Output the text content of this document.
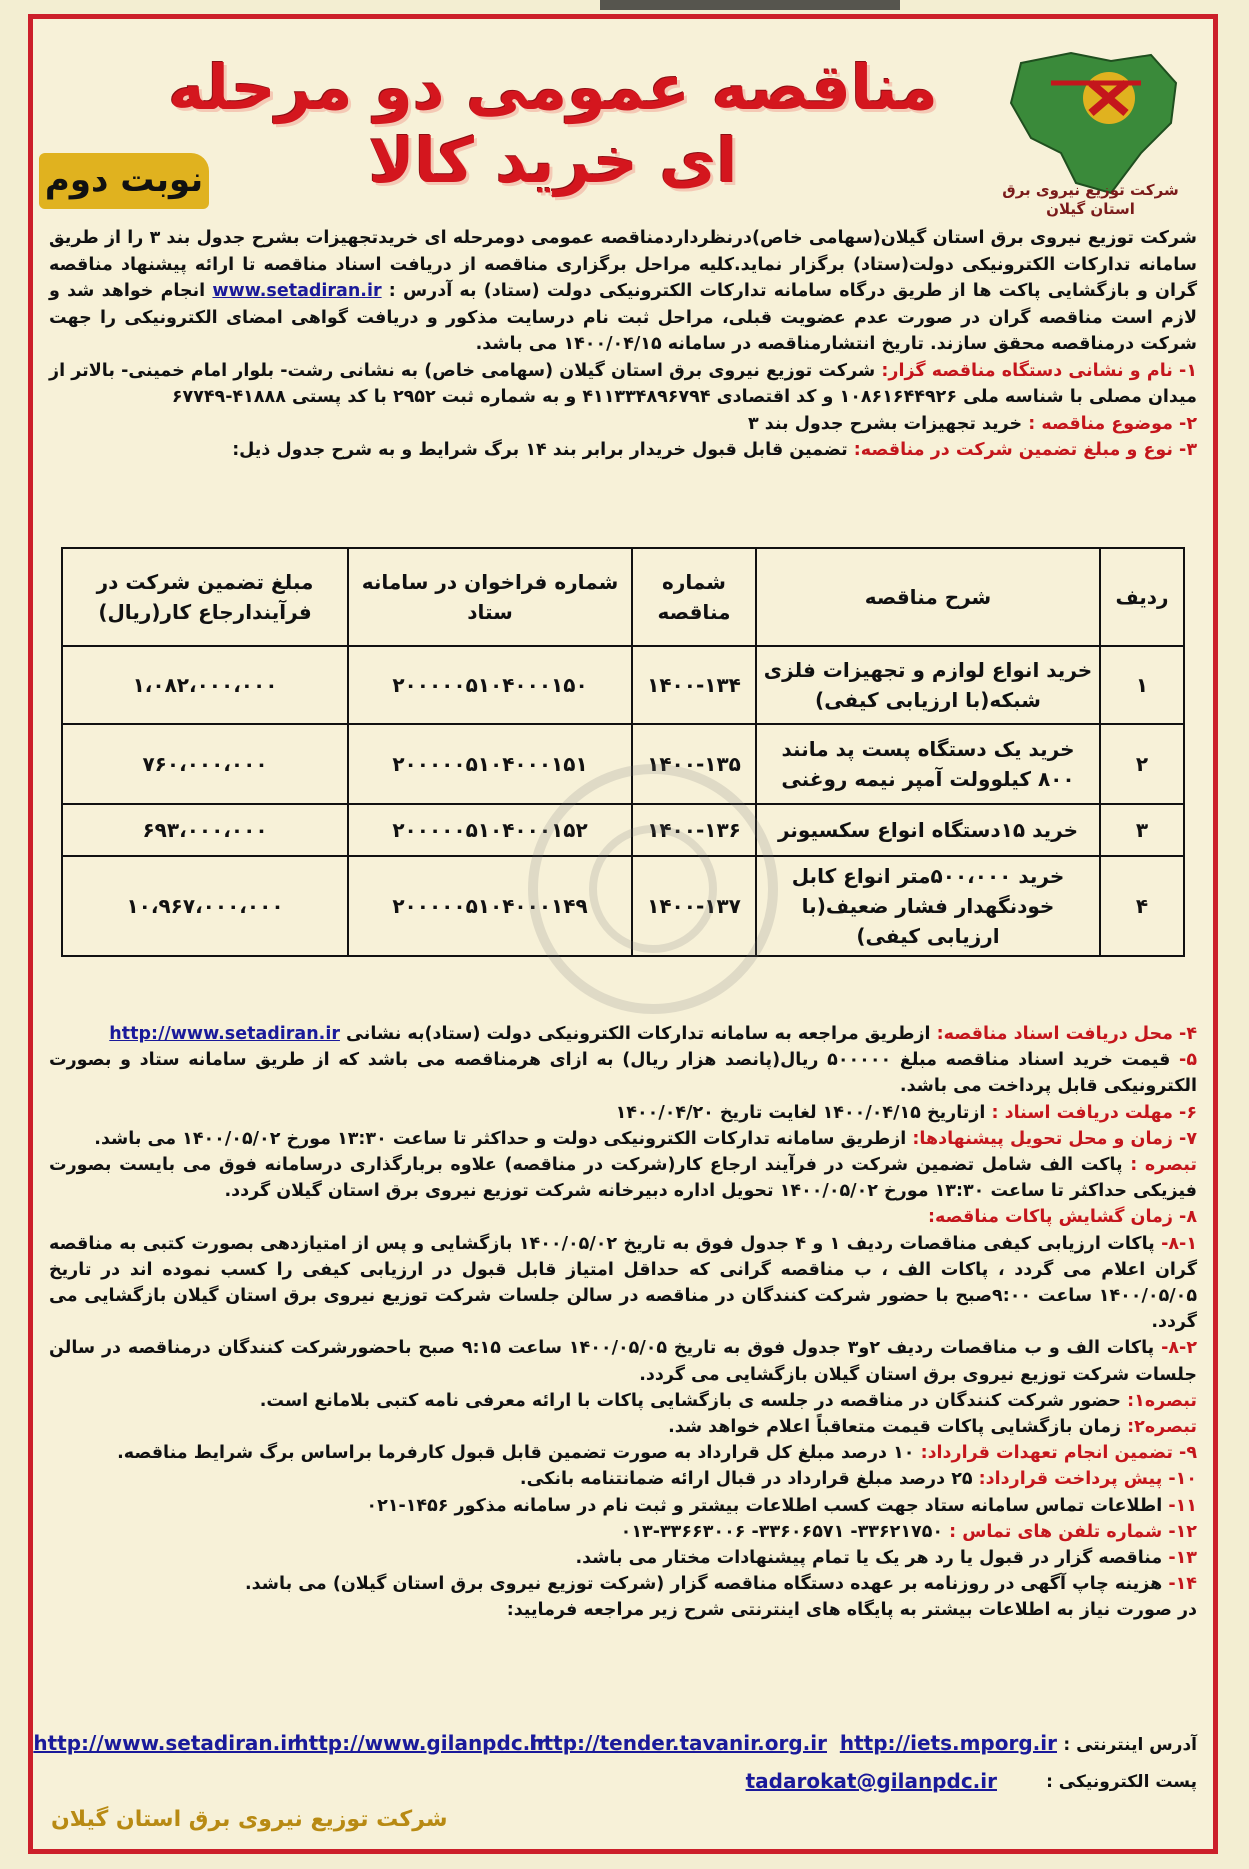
مناقصه عمومی دو مرحله ای خرید کالا	شرکت توزیع نیروی برق استان گیلان
نوبت دوم

شرکت توزیع نیروی برق استان گیلان(سهامی خاص)درنظرداردمناقصه عمومی دومرحله ای خریدتجهیزات بشرح جدول بند ۳ را از طریق سامانه تدارکات الکترونیکی دولت(ستاد) برگزار نماید.کلیه مراحل برگزاری مناقصه از دریافت اسناد مناقصه تا ارائه پیشنهاد مناقصه گران و بازگشایی پاکت ها از طریق درگاه سامانه تدارکات الکترونیکی دولت (ستاد) به آدرس : www.setadiran.ir انجام خواهد شد و لازم است مناقصه گران در صورت عدم عضویت قبلی، مراحل ثبت نام درسایت مذکور و دریافت گواهی امضای الکترونیکی را جهت شرکت درمناقصه محقق سازند. تاریخ انتشارمناقصه در سامانه ۱۴۰۰/۰۴/۱۵ می باشد.

۱- نام و نشانی دستگاه مناقصه گزار: شرکت توزیع نیروی برق استان گیلان (سهامی خاص) به نشانی رشت- بلوار امام خمینی- بالاتر از میدان مصلی با شناسه ملی ۱۰۸۶۱۶۴۴۹۲۶ و کد اقتصادی ۴۱۱۳۳۴۸۹۶۷۹۴ و به شماره ثبت ۲۹۵۲ با کد پستی ۴۱۸۸۸-۶۷۷۴۹

۲- موضوع مناقصه : خرید تجهیزات بشرح جدول بند ۳

۳- نوع و مبلغ تضمین شرکت در مناقصه: تضمین قابل قبول خریدار برابر بند ۱۴ برگ شرایط و به شرح جدول ذیل:

ردیف	شرح مناقصه	شماره مناقصه	شماره فراخوان در سامانه ستاد	مبلغ تضمین شرکت در فرآیندارجاع کار(ریال)
۱	خرید انواع لوازم و تجهیزات فلزی شبکه(با ارزیابی کیفی)	۱۴۰۰-۱۳۴	۲۰۰۰۰۰۵۱۰۴۰۰۰۱۵۰	۱،۰۸۲،۰۰۰،۰۰۰
۲	خرید یک دستگاه پست پد مانند ۸۰۰ کیلوولت آمپر نیمه روغنی	۱۴۰۰-۱۳۵	۲۰۰۰۰۰۵۱۰۴۰۰۰۱۵۱	۷۶۰،۰۰۰،۰۰۰
۳	خرید ۱۵دستگاه انواع سکسیونر	۱۴۰۰-۱۳۶	۲۰۰۰۰۰۵۱۰۴۰۰۰۱۵۲	۶۹۳،۰۰۰،۰۰۰
۴	خرید ۵۰۰،۰۰۰متر انواع کابل خودنگهدار فشار ضعیف(با ارزیابی کیفی)	۱۴۰۰-۱۳۷	۲۰۰۰۰۰۵۱۰۴۰۰۰۱۴۹	۱۰،۹۶۷،۰۰۰،۰۰۰

۴- محل دریافت اسناد مناقصه: ازطریق مراجعه به سامانه تدارکات الکترونیکی دولت (ستاد)به نشانی http://www.setadiran.ir

۵- قیمت خرید اسناد مناقصه مبلغ ۵۰۰۰۰۰ ریال(پانصد هزار ریال) به ازای هرمناقصه می باشد که از طریق سامانه ستاد و بصورت الکترونیکی قابل پرداخت می باشد.

۶- مهلت دریافت اسناد : ازتاریخ ۱۴۰۰/۰۴/۱۵ لغایت تاریخ ۱۴۰۰/۰۴/۲۰

۷- زمان و محل تحویل پیشنهادها: ازطریق سامانه تدارکات الکترونیکی دولت و حداکثر تا ساعت ۱۳:۳۰ مورخ ۱۴۰۰/۰۵/۰۲ می باشد.

تبصره : پاکت الف شامل تضمین شرکت در فرآیند ارجاع کار(شرکت در مناقصه) علاوه بربارگذاری درسامانه فوق می بایست بصورت فیزیکی حداکثر تا ساعت ۱۳:۳۰ مورخ ۱۴۰۰/۰۵/۰۲ تحویل اداره دبیرخانه شرکت توزیع نیروی برق استان گیلان گردد.

۸- زمان گشایش پاکات مناقصه:

۸-۱- پاکات ارزیابی کیفی مناقصات ردیف ۱ و ۴ جدول فوق به تاریخ ۱۴۰۰/۰۵/۰۲ بازگشایی و پس از امتیازدهی بصورت کتبی به مناقصه گران اعلام می گردد ، پاکات الف ، ب مناقصه گرانی که حداقل امتیاز قابل قبول در ارزیابی کیفی را کسب نموده اند در تاریخ ۱۴۰۰/۰۵/۰۵ ساعت ۹:۰۰صبح با حضور شرکت کنندگان در مناقصه در سالن جلسات شرکت توزیع نیروی برق استان گیلان بازگشایی می گردد.

۸-۲- پاکات الف و ب مناقصات ردیف ۲و۳ جدول فوق به تاریخ ۱۴۰۰/۰۵/۰۵ ساعت ۹:۱۵ صبح باحضورشرکت کنندگان درمناقصه در سالن جلسات شرکت توزیع نیروی برق استان گیلان بازگشایی می گردد.

تبصره۱: حضور شرکت کنندگان در مناقصه در جلسه ی بازگشایی پاکات با ارائه معرفی نامه کتبی بلامانع است.

تبصره۲: زمان بازگشایی پاکات قیمت متعاقباً اعلام خواهد شد.

۹- تضمین انجام تعهدات قرارداد: ۱۰ درصد مبلغ کل قرارداد به صورت تضمین قابل قبول کارفرما براساس برگ شرایط مناقصه.

۱۰- پیش پرداخت قرارداد: ۲۵ درصد مبلغ قرارداد در قبال ارائه ضمانتنامه بانکی.

۱۱- اطلاعات تماس سامانه ستاد جهت کسب اطلاعات بیشتر و ثبت نام در سامانه مذکور ۱۴۵۶-۰۲۱

۱۲- شماره تلفن های تماس : ۳۳۶۲۱۷۵۰- ۳۳۶۰۶۵۷۱- ۳۳۶۶۳۰۰۶-۰۱۳

۱۳- مناقصه گزار در قبول یا رد هر یک یا تمام پیشنهادات مختار می باشد.

۱۴- هزینه چاپ آگهی در روزنامه بر عهده دستگاه مناقصه گزار (شرکت توزیع نیروی برق استان گیلان) می باشد.

در صورت نیاز به اطلاعات بیشتر به پایگاه های اینترنتی شرح زیر مراجعه فرمایید:

آدرس اینترنتی :
http://iets.mporg.ir
http://tender.tavanir.org.ir
http://www.gilanpdc.ir
http://www.setadiran.ir
پست الکترونیکی :
tadarokat@gilanpdc.ir
شرکت توزیع نیروی برق استان گیلان
